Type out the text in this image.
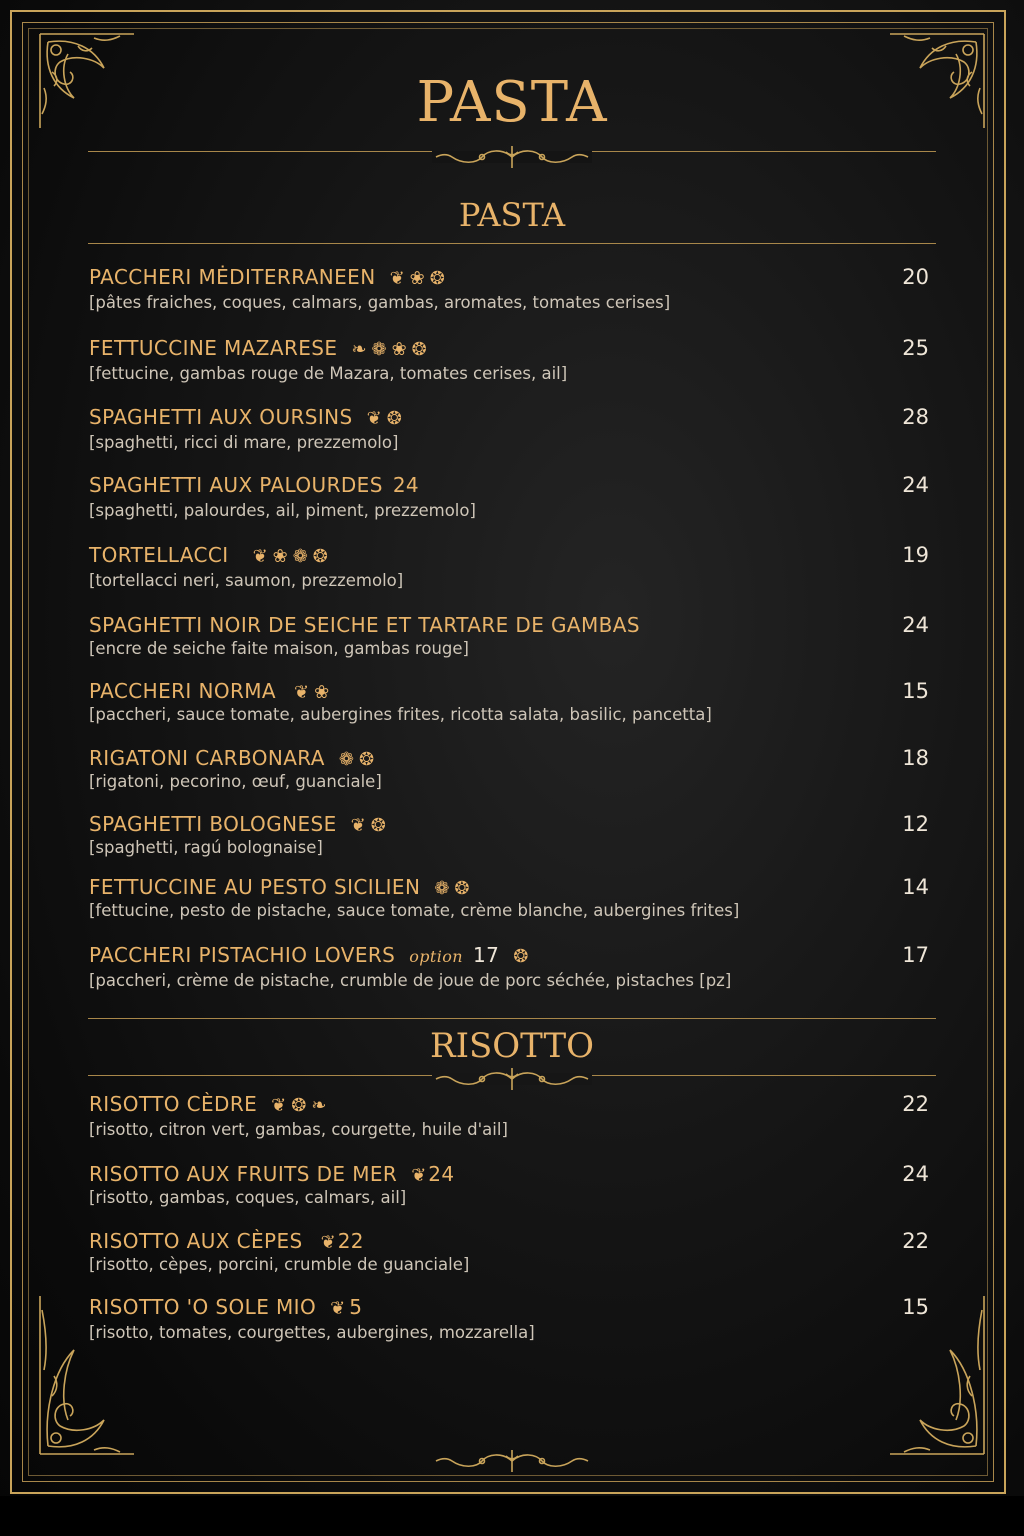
PASTA
PASTA
PACCHERI MĖDITERRANEEN ❦❀❂	20
[pâtes fraiches, coques, calmars, gambas, aromates, tomates cerises]
FETTUCCINE MAZARESE ❧❁❀❂	25
[fettucine, gambas rouge de Mazara, tomates cerises, ail]
SPAGHETTI AUX OURSINS ❦❂	28
[spaghetti, ricci di mare, prezzemolo]
SPAGHETTI AUX PALOURDES 24	24
[spaghetti, palourdes, ail, piment, prezzemolo]
TORTELLACCI ❦❀❁❂	19
[tortellacci neri, saumon, prezzemolo]
SPAGHETTI NOIR DE SEICHE ET TARTARE DE GAMBAS	24
[encre de seiche faite maison, gambas rouge]
PACCHERI NORMA ❦❀	15
[paccheri, sauce tomate, aubergines frites, ricotta salata, basilic, pancetta]
RIGATONI CARBONARA ❁❂	18
[rigatoni, pecorino, œuf, guanciale]
SPAGHETTI BOLOGNESE ❦❂	12
[spaghetti, ragú bolognaise]
FETTUCCINE AU PESTO SICILIEN ❁❂	14
[fettucine, pesto de pistache, sauce tomate, crème blanche, aubergines frites]
PACCHERI PISTACHIO LOVERS option 17 ❂	17
[paccheri, crème de pistache, crumble de joue de porc séchée, pistaches [pz]
RISOTTO
RISOTTO CÈDRE ❦❂❧	22
[risotto, citron vert, gambas, courgette, huile d'ail]
RISOTTO AUX FRUITS DE MER ❦ 24	24
[risotto, gambas, coques, calmars, ail]
RISOTTO AUX CÈPES ❦ 22	22
[risotto, cèpes, porcini, crumble de guanciale]
RISOTTO 'O SOLE MIO ❦ 5	15
[risotto, tomates, courgettes, aubergines, mozzarella]
